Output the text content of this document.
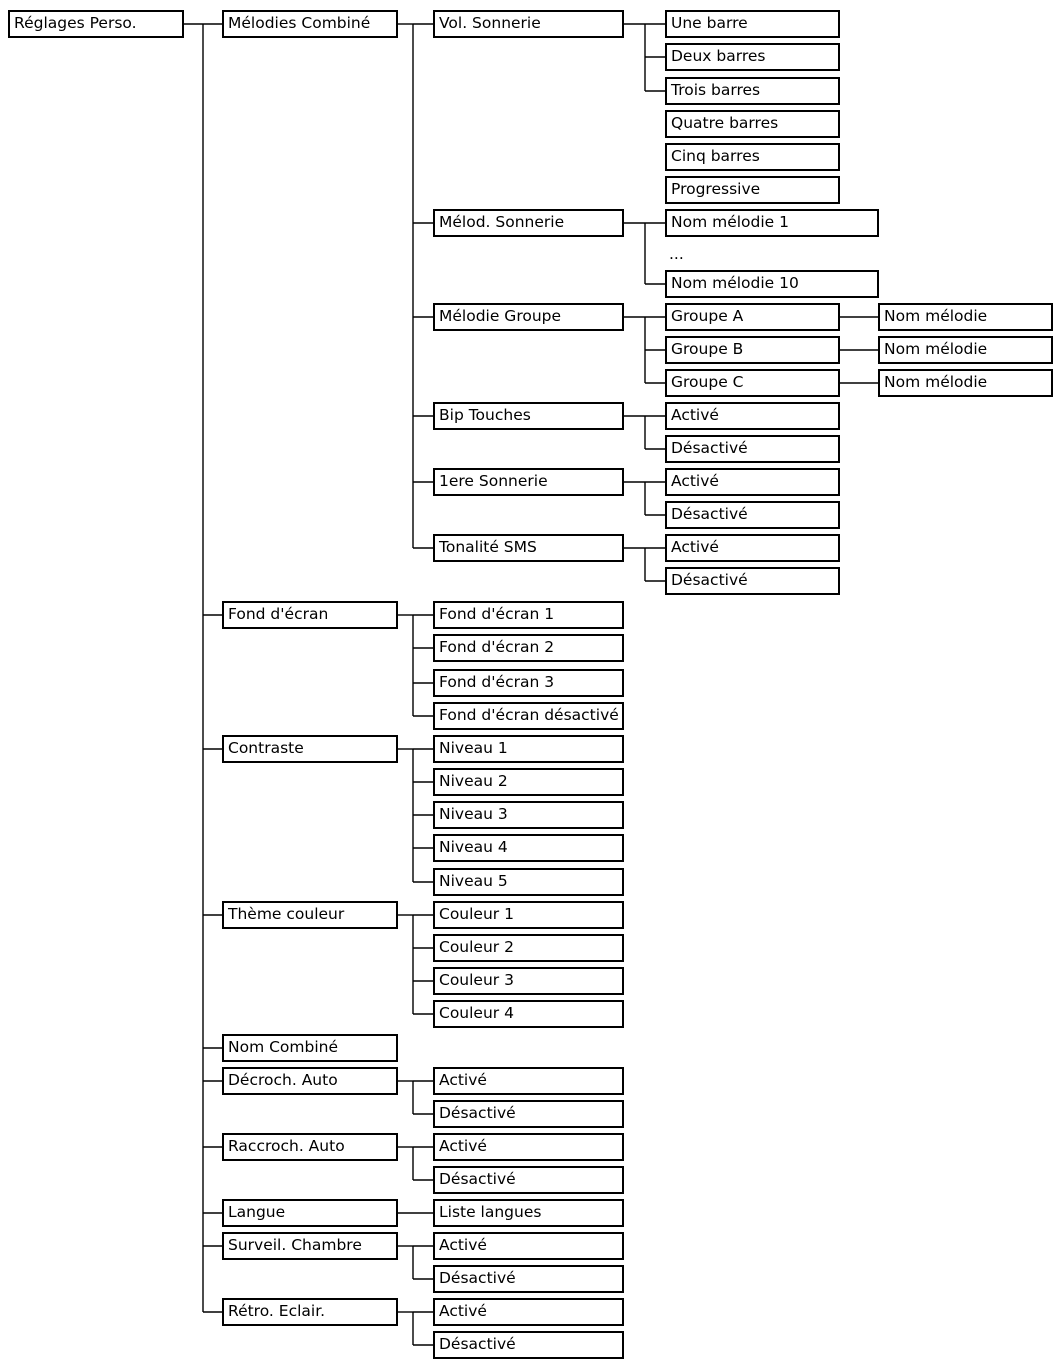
Réglages Perso.	Mélodies Combiné
Fond d'écran
Contraste
Thème couleur
Nom Combiné
Décroch. Auto
Raccroch. Auto
Langue
Surveil. Chambre
Rétro. Eclair.
Vol. Sonnerie
Mélod. Sonnerie
Mélodie Groupe
Bip Touches
1ere Sonnerie
Tonalité SMS
Une barre
Deux barres
Trois barres
Quatre barres
Cinq barres
Progressive
Nom mélodie 1
...
Nom mélodie 10
Groupe A
Groupe B
Groupe C
Nom mélodie
Nom mélodie
Nom mélodie
Activé
Désactivé
Activé
Désactivé
Activé
Désactivé
Fond d'écran 1
Fond d'écran 2
Fond d'écran 3
Fond d'écran désactivé
Niveau 1
Niveau 2
Niveau 3
Niveau 4
Niveau 5
Couleur 1
Couleur 2
Couleur 3
Couleur 4
Activé
Désactivé
Activé
Désactivé
Liste langues
Activé
Désactivé
Activé
Désactivé
